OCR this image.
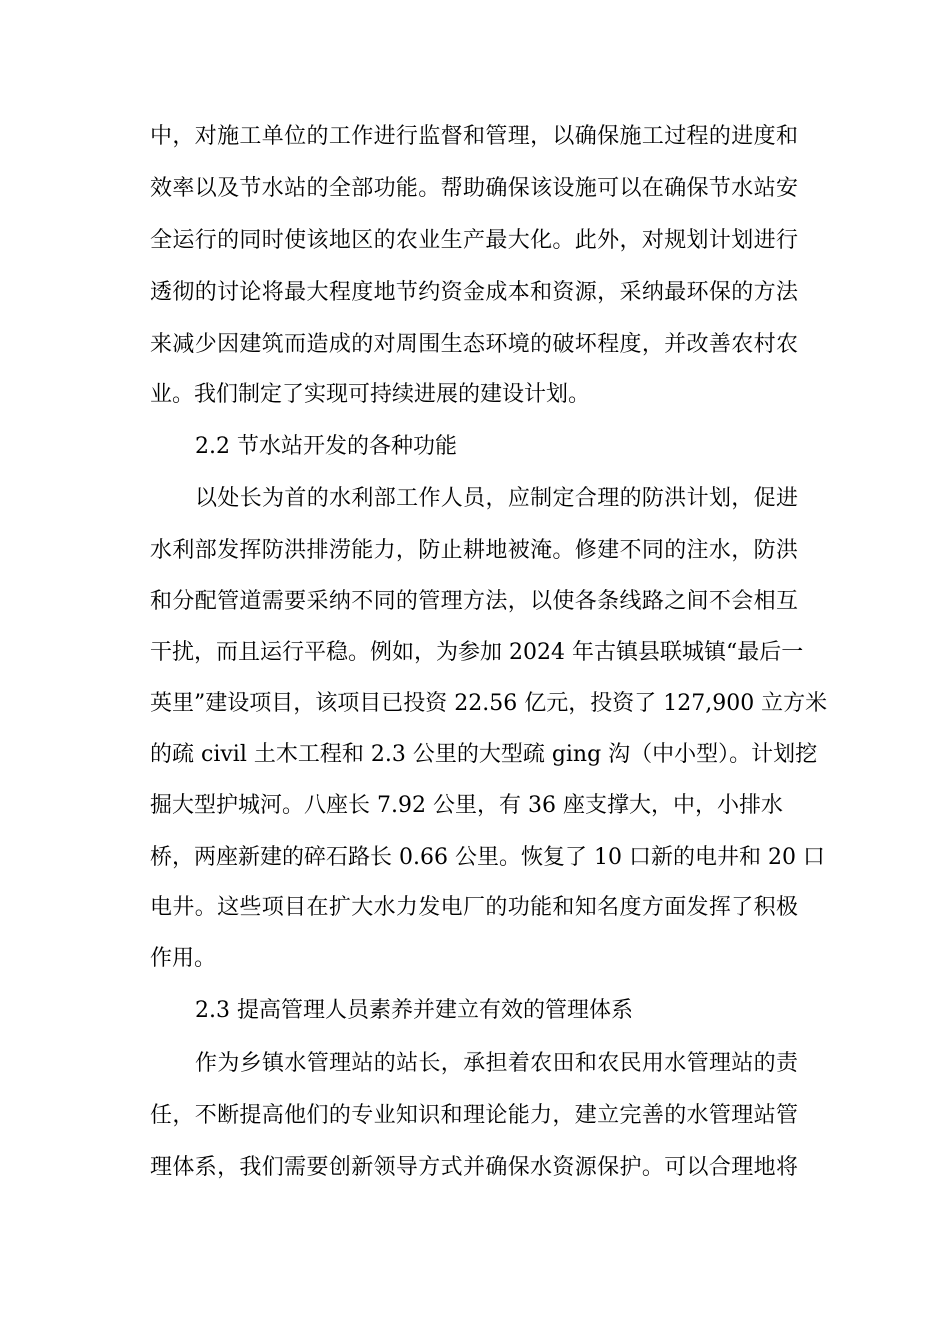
中，对施工单位的工作进行监督和管理，以确保施工过程的进度和
效率以及节水站的全部功能。帮助确保该设施可以在确保节水站安
全运行的同时使该地区的农业生产最大化。此外，对规划计划进行
透彻的讨论将最大程度地节约资金成本和资源，采纳最环保的方法
来减少因建筑而造成的对周围生态环境的破坏程度，并改善农村农
业。我们制定了实现可持续进展的建设计划。
2.2 节水站开发的各种功能
以处长为首的水利部工作人员，应制定合理的防洪计划，促进
水利部发挥防洪排涝能力，防止耕地被淹。修建不同的注水，防洪
和分配管道需要采纳不同的管理方法，以使各条线路之间不会相互
干扰，而且运行平稳。例如，为参加 2024 年古镇县联城镇“最后一
英里”建设项目，该项目已投资 22.56 亿元，投资了 127,900 立方米
的疏 civil 土木工程和 2.3 公里的大型疏 ging 沟（中小型）。计划挖
掘大型护城河。八座长 7.92 公里，有 36 座支撑大，中，小排水
桥，两座新建的碎石路长 0.66 公里。恢复了 10 口新的电井和 20 口
电井。这些项目在扩大水力发电厂的功能和知名度方面发挥了积极
作用。
2.3 提高管理人员素养并建立有效的管理体系
作为乡镇水管理站的站长，承担着农田和农民用水管理站的责
任，不断提高他们的专业知识和理论能力，建立完善的水管理站管
理体系，我们需要创新领导方式并确保水资源保护。可以合理地将
